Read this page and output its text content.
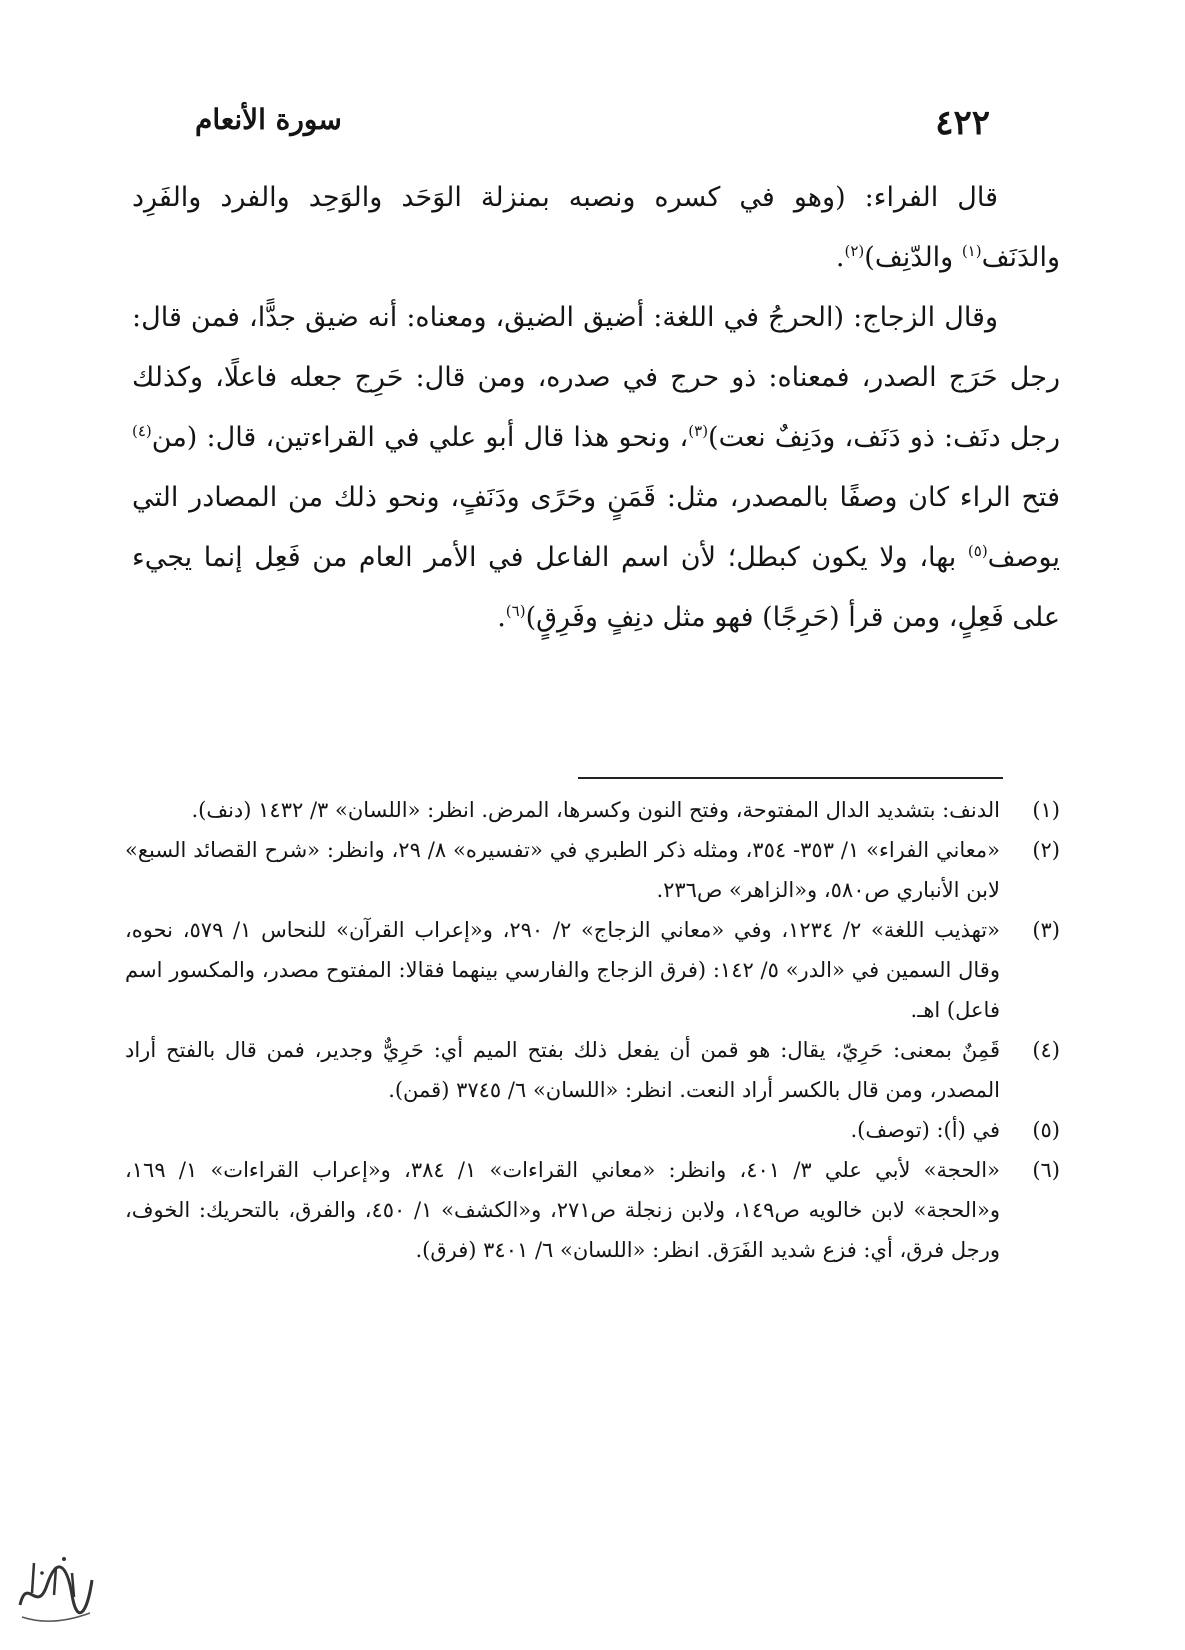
٤٢٢
سورة الأنعام

قال الفراء: (وهو في كسره ونصبه بمنزلة الوَحَد والوَحِد والفرد والفَرِد والدَنَف$^{(١)}$ والدّنِف)$^{(٢)}$.

وقال الزجاج: (الحرجُ في اللغة: أضيق الضيق، ومعناه: أنه ضيق جدًّا، فمن قال: رجل حَرَج الصدر، فمعناه: ذو حرج في صدره، ومن قال: حَرِج جعله فاعلًا، وكذلك رجل دنَف: ذو دَنَف، ودَنِفٌ نعت)$^{(٣)}$، ونحو هذا قال أبو علي في القراءتين، قال: (من$^{(٤)}$ فتح الراء كان وصفًا بالمصدر، مثل: قَمَنٍ وحَرًى ودَنَفٍ، ونحو ذلك من المصادر التي يوصف$^{(٥)}$ بها، ولا يكون كبطل؛ لأن اسم الفاعل في الأمر العام من فَعِل إنما يجيء على فَعِلٍ، ومن قرأ (حَرِجًا) فهو مثل دنِفٍ وفَرِقٍ)$^{(٦)}$.

(١)
الدنف: بتشديد الدال المفتوحة، وفتح النون وكسرها، المرض. انظر: «اللسان» ٣/ ١٤٣٢ (دنف).
(٢)
«معاني الفراء» ١/ ٣٥٣- ٣٥٤، ومثله ذكر الطبري في «تفسيره» ٨/ ٢٩، وانظر: «شرح القصائد السبع» لابن الأنباري ص٥٨٠، و«الزاهر» ص٢٣٦.
(٣)
«تهذيب اللغة» ٢/ ١٢٣٤، وفي «معاني الزجاج» ٢/ ٢٩٠، و«إعراب القرآن» للنحاس ١/ ٥٧٩، نحوه، وقال السمين في «الدر» ٥/ ١٤٢: (فرق الزجاج والفارسي بينهما فقالا: المفتوح مصدر، والمكسور اسم فاعل) اهـ.
(٤)
قَمِنٌ بمعنى: حَرِيّ، يقال: هو قمن أن يفعل ذلك بفتح الميم أي: حَرِيٌّ وجدير، فمن قال بالفتح أراد المصدر، ومن قال بالكسر أراد النعت. انظر: «اللسان» ٦/ ٣٧٤٥ (قمن).
(٥)
في (أ): (توصف).
(٦)
«الحجة» لأبي علي ٣/ ٤٠١، وانظر: «معاني القراءات» ١/ ٣٨٤، و«إعراب القراءات» ١/ ١٦٩، و«الحجة» لابن خالويه ص١٤٩، ولابن زنجلة ص٢٧١، و«الكشف» ١/ ٤٥٠، والفرق، بالتحريك: الخوف، ورجل فرق، أي: فزع شديد الفَرَق. انظر: «اللسان» ٦/ ٣٤٠١ (فرق).
